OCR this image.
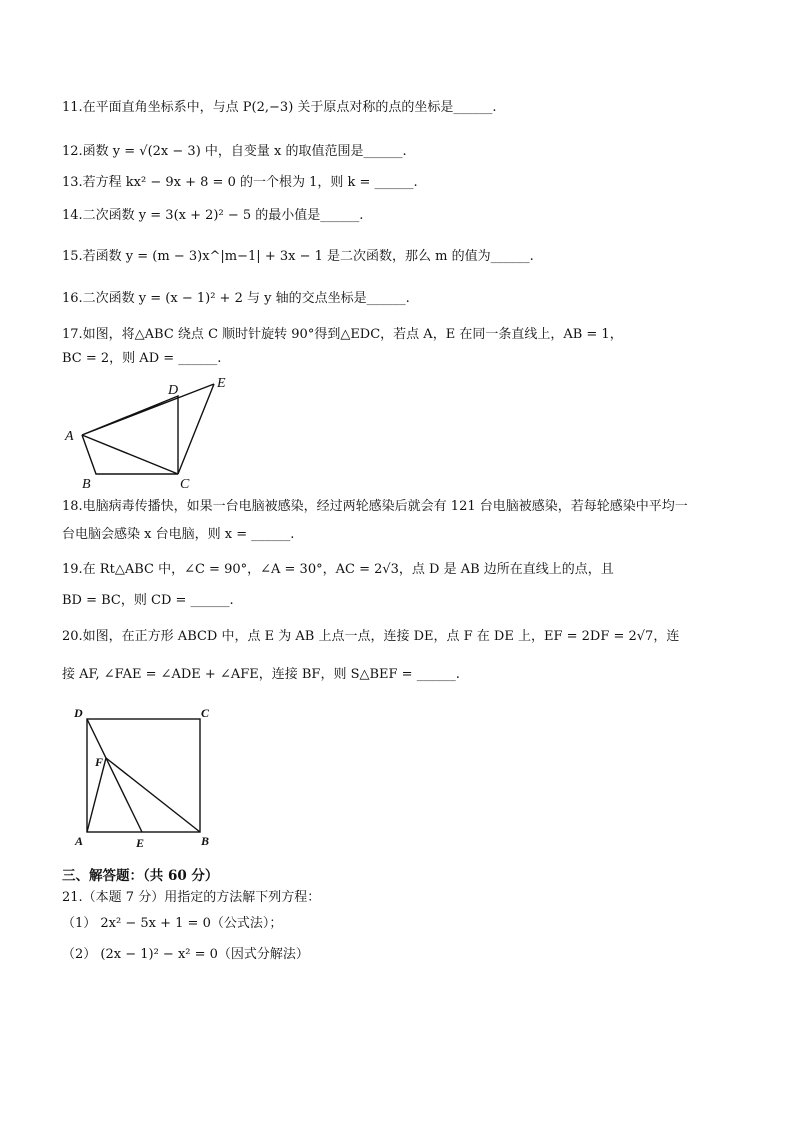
11.在平面直角坐标系中，与点 P(2,−3) 关于原点对称的点的坐标是______.
12.函数 y = √(2x − 3) 中，自变量 x 的取值范围是______.
13.若方程 kx² − 9x + 8 = 0 的一个根为 1，则 k = ______.
14.二次函数 y = 3(x + 2)² − 5 的最小值是______.
15.若函数 y = (m − 3)x^|m−1| + 3x − 1 是二次函数，那么 m 的值为______.
16.二次函数 y = (x − 1)² + 2 与 y 轴的交点坐标是______.
17.如图，将△ABC 绕点 C 顺时针旋转 90°得到△EDC，若点 A，E 在同一条直线上，AB = 1，
BC = 2，则 AD = ______.
A
B	C
D	E
18.电脑病毒传播快，如果一台电脑被感染，经过两轮感染后就会有 121 台电脑被感染，若每轮感染中平均一
台电脑会感染 x 台电脑，则 x = ______.
19.在 Rt△ABC 中，∠C = 90°，∠A = 30°，AC = 2√3，点 D 是 AB 边所在直线上的点，且
BD = BC，则 CD = ______.
20.如图，在正方形 ABCD 中，点 E 为 AB 上点一点，连接 DE，点 F 在 DE 上，EF = 2DF = 2√7，连
接 AF, ∠FAE = ∠ADE + ∠AFE，连接 BF，则 S△BEF = ______.
D	C
A	B
E
F
三、解答题：（共 60 分）
21.（本题 7 分）用指定的方法解下列方程：
（1） 2x² − 5x + 1 = 0（公式法）；
（2） (2x − 1)² − x² = 0（因式分解法）
